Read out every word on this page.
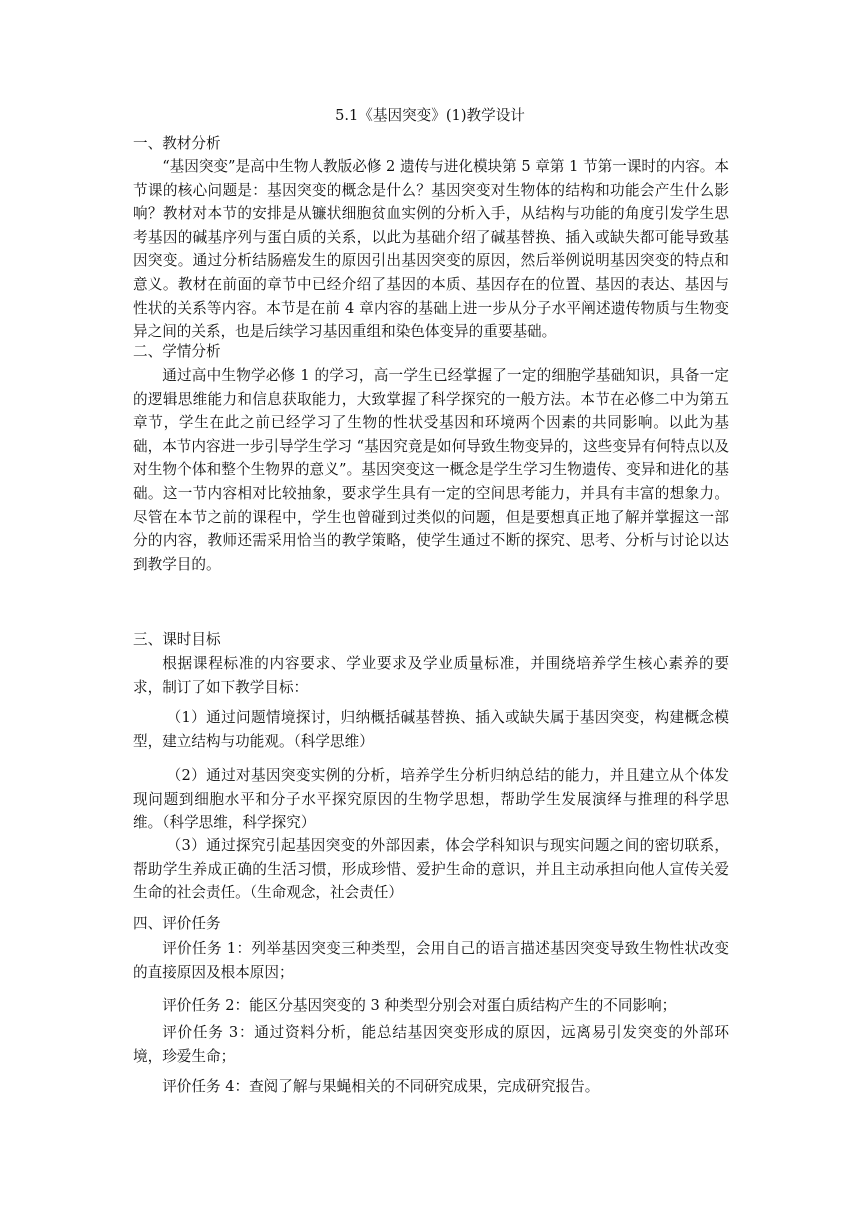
5.1《基因突变》(1)教学设计
一、教材分析

“基因突变”是高中生物人教版必修 2 遗传与进化模块第 5 章第 1 节第一课时的内容。本节课的核心问题是：基因突变的概念是什么？基因突变对生物体的结构和功能会产生什么影响？教材对本节的安排是从镰状细胞贫血实例的分析入手，从结构与功能的角度引发学生思考基因的碱基序列与蛋白质的关系，以此为基础介绍了碱基替换、插入或缺失都可能导致基因突变。通过分析结肠癌发生的原因引出基因突变的原因，然后举例说明基因突变的特点和意义。教材在前面的章节中已经介绍了基因的本质、基因存在的位置、基因的表达、基因与性状的关系等内容。本节是在前 4 章内容的基础上进一步从分子水平阐述遗传物质与生物变异之间的关系，也是后续学习基因重组和染色体变异的重要基础。

二、学情分析

通过高中生物学必修 1 的学习，高一学生已经掌握了一定的细胞学基础知识，具备一定的逻辑思维能力和信息获取能力，大致掌握了科学探究的一般方法。本节在必修二中为第五章节，学生在此之前已经学习了生物的性状受基因和环境两个因素的共同影响。以此为基础，本节内容进一步引导学生学习 “基因究竟是如何导致生物变异的，这些变异有何特点以及对生物个体和整个生物界的意义”。基因突变这一概念是学生学习生物遗传、变异和进化的基础。这一节内容相对比较抽象，要求学生具有一定的空间思考能力，并具有丰富的想象力。尽管在本节之前的课程中，学生也曾碰到过类似的问题，但是要想真正地了解并掌握这一部分的内容，教师还需采用恰当的教学策略，使学生通过不断的探究、思考、分析与讨论以达到教学目的。

三、课时目标

根据课程标准的内容要求、学业要求及学业质量标准，并围绕培养学生核心素养的要求，制订了如下教学目标：

（1）通过问题情境探讨，归纳概括碱基替换、插入或缺失属于基因突变，构建概念模型，建立结构与功能观。（科学思维）

（2）通过对基因突变实例的分析，培养学生分析归纳总结的能力，并且建立从个体发现问题到细胞水平和分子水平探究原因的生物学思想，帮助学生发展演绎与推理的科学思维。（科学思维，科学探究）

（3）通过探究引起基因突变的外部因素，体会学科知识与现实问题之间的密切联系，帮助学生养成正确的生活习惯，形成珍惜、爱护生命的意识，并且主动承担向他人宣传关爱生命的社会责任。（生命观念，社会责任）

四、评价任务

评价任务 1：列举基因突变三种类型，会用自己的语言描述基因突变导致生物性状改变的直接原因及根本原因；

评价任务 2：能区分基因突变的 3 种类型分别会对蛋白质结构产生的不同影响；

评价任务 3：通过资料分析，能总结基因突变形成的原因，远离易引发突变的外部环境，珍爱生命；

评价任务 4：查阅了解与果蝇相关的不同研究成果，完成研究报告。
